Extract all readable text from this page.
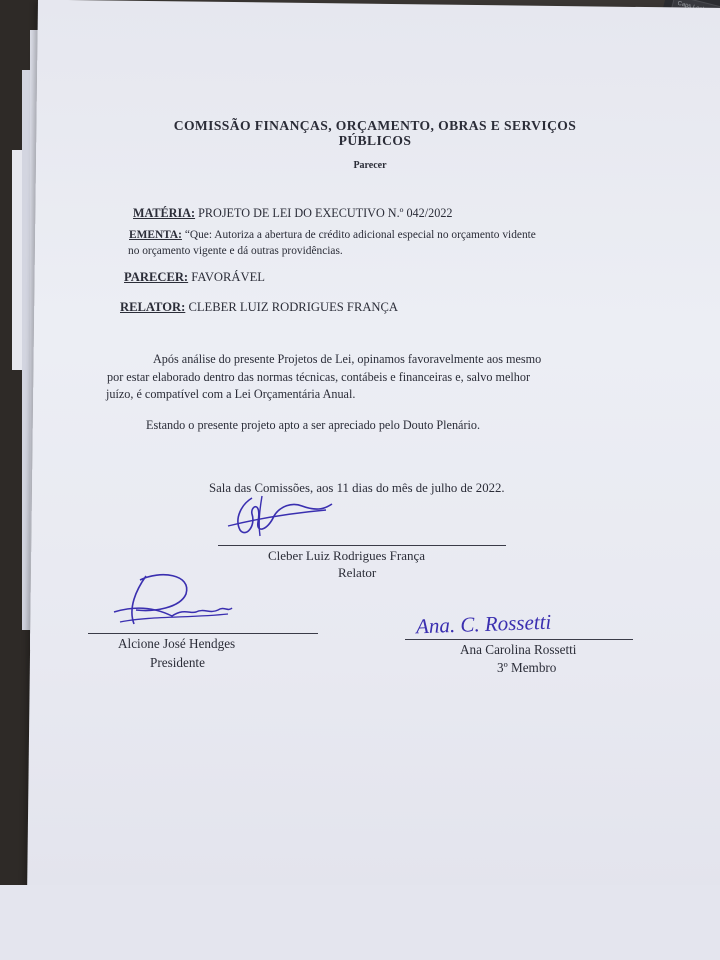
COMISSÃO FINANÇAS, ORÇAMENTO, OBRAS E SERVIÇOS
PÚBLICOS
Parecer
MATÉRIA: PROJETO DE LEI DO EXECUTIVO N.º 042/2022
EMENTA: “Que: Autoriza a abertura de crédito adicional especial no orçamento vidente
no orçamento vigente e dá outras providências.
PARECER: FAVORÁVEL
RELATOR: CLEBER LUIZ RODRIGUES FRANÇA
Após análise do presente Projetos de Lei, opinamos favoravelmente aos mesmo
por estar elaborado dentro das normas técnicas, contábeis e financeiras e, salvo melhor
juízo, é compatível com a Lei Orçamentária Anual.
Estando o presente projeto apto a ser apreciado pelo Douto Plenário.
Sala das Comissões, aos 11 dias do mês de julho de 2022.
Cleber Luiz Rodrigues França
Relator
Alcione José Hendges
Presidente
Ana. C. Rossetti
Ana Carolina Rossetti
3º Membro
